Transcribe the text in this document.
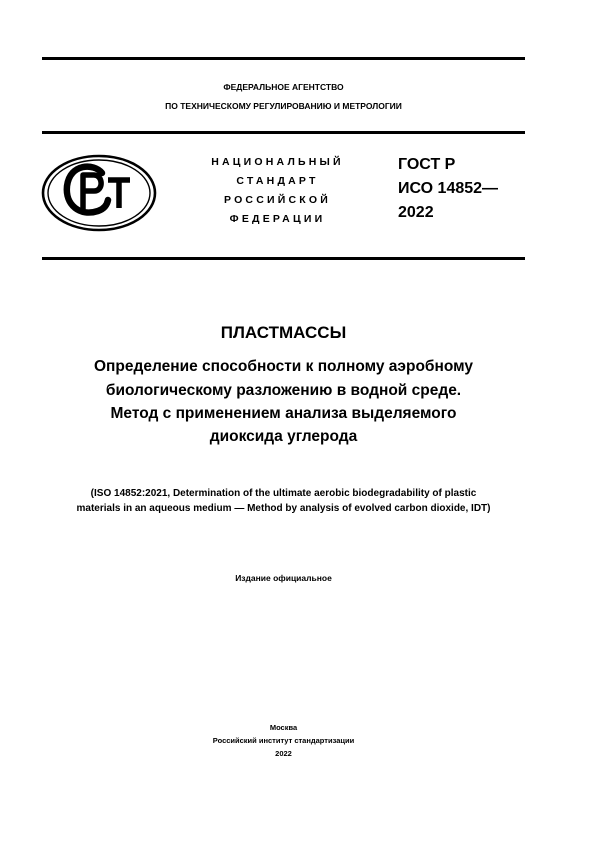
ФЕДЕРАЛЬНОЕ АГЕНТСТВО
ПО ТЕХНИЧЕСКОМУ РЕГУЛИРОВАНИЮ И МЕТРОЛОГИИ
НАЦИОНАЛЬНЫЙ
СТАНДАРТ
РОССИЙСКОЙ
ФЕДЕРАЦИИ
ГОСТ Р
ИСО 14852—
2022
ПЛАСТМАССЫ
Определение способности к полному аэробному
биологическому разложению в водной среде.
Метод с применением анализа выделяемого
диоксида углерода
(ISO 14852:2021, Determination of the ultimate aerobic biodegradability of plastic
materials in an aqueous medium — Method by analysis of evolved carbon dioxide, IDT)
Издание официальное
Москва
Российский институт стандартизации
2022
